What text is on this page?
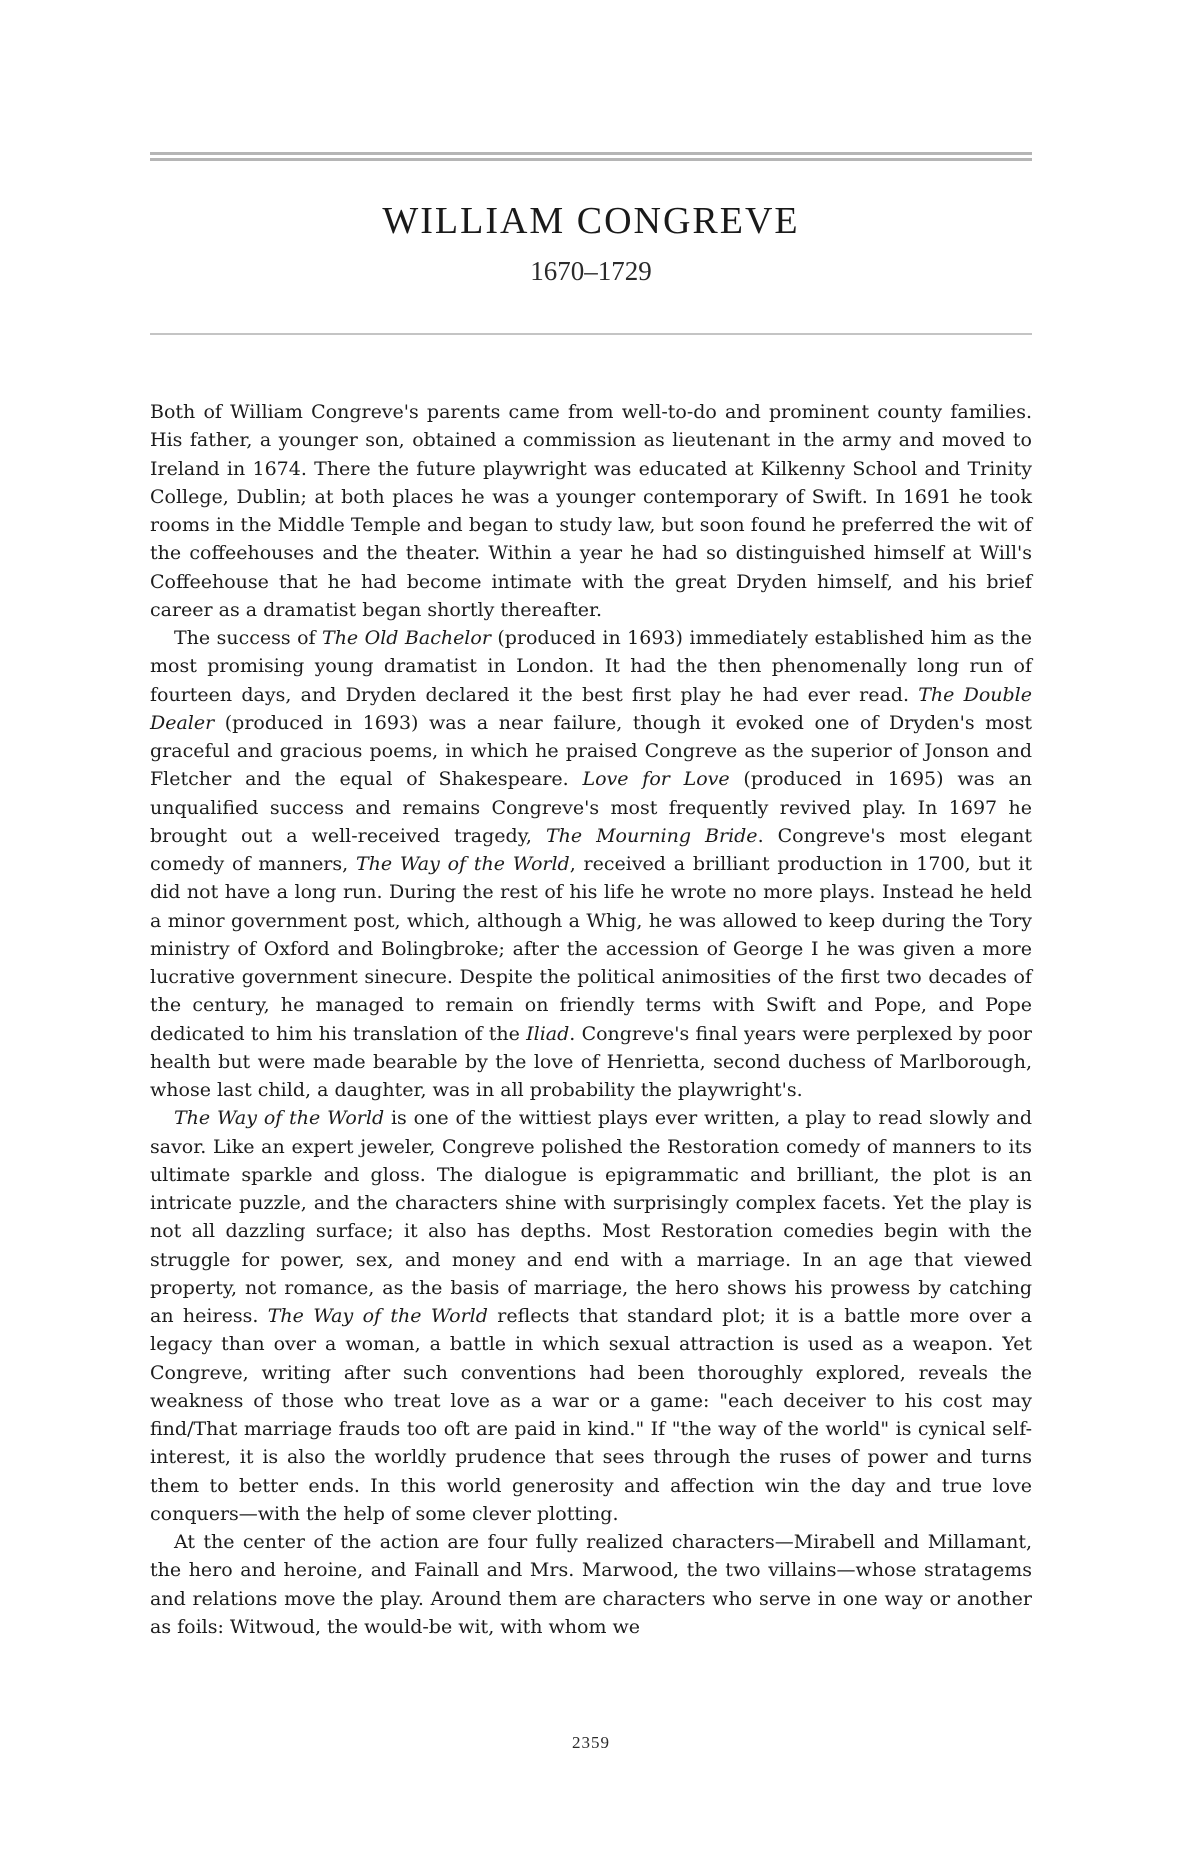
WILLIAM CONGREVE
1670–1729

Both of William Congreve's parents came from well-to-do and prominent county families. His father, a younger son, obtained a commission as lieutenant in the army and moved to Ireland in 1674. There the future playwright was educated at Kilkenny School and Trinity College, Dublin; at both places he was a younger contemporary of Swift. In 1691 he took rooms in the Middle Temple and began to study law, but soon found he preferred the wit of the coffeehouses and the theater. Within a year he had so distinguished himself at Will's Coffeehouse that he had become intimate with the great Dryden himself, and his brief career as a dramatist began shortly thereafter.

The success of The Old Bachelor (produced in 1693) immediately established him as the most promising young dramatist in London. It had the then phenomenally long run of fourteen days, and Dryden declared it the best first play he had ever read. The Double Dealer (produced in 1693) was a near failure, though it evoked one of Dryden's most graceful and gracious poems, in which he praised Congreve as the superior of Jonson and Fletcher and the equal of Shakespeare. Love for Love (produced in 1695) was an unqualified success and remains Congreve's most frequently revived play. In 1697 he brought out a well-received tragedy, The Mourning Bride. Congreve's most elegant comedy of manners, The Way of the World, received a brilliant production in 1700, but it did not have a long run. During the rest of his life he wrote no more plays. Instead he held a minor government post, which, although a Whig, he was allowed to keep during the Tory ministry of Oxford and Bolingbroke; after the accession of George I he was given a more lucrative government sinecure. Despite the political animosities of the first two decades of the century, he managed to remain on friendly terms with Swift and Pope, and Pope dedicated to him his translation of the Iliad. Congreve's final years were perplexed by poor health but were made bearable by the love of Henrietta, second duchess of Marlborough, whose last child, a daughter, was in all probability the playwright's.

The Way of the World is one of the wittiest plays ever written, a play to read slowly and savor. Like an expert jeweler, Congreve polished the Restoration comedy of manners to its ultimate sparkle and gloss. The dialogue is epigrammatic and brilliant, the plot is an intricate puzzle, and the characters shine with surprisingly complex facets. Yet the play is not all dazzling surface; it also has depths. Most Restoration comedies begin with the struggle for power, sex, and money and end with a marriage. In an age that viewed property, not romance, as the basis of marriage, the hero shows his prowess by catching an heiress. The Way of the World reflects that standard plot; it is a battle more over a legacy than over a woman, a battle in which sexual attraction is used as a weapon. Yet Congreve, writing after such conventions had been thoroughly explored, reveals the weakness of those who treat love as a war or a game: "each deceiver to his cost may find/That marriage frauds too oft are paid in kind." If "the way of the world" is cynical self-interest, it is also the worldly prudence that sees through the ruses of power and turns them to better ends. In this world generosity and affection win the day and true love conquers—with the help of some clever plotting.

At the center of the action are four fully realized characters—Mirabell and Millamant, the hero and heroine, and Fainall and Mrs. Marwood, the two villains—whose stratagems and relations move the play. Around them are characters who serve in one way or another as foils: Witwoud, the would-be wit, with whom we

2359
